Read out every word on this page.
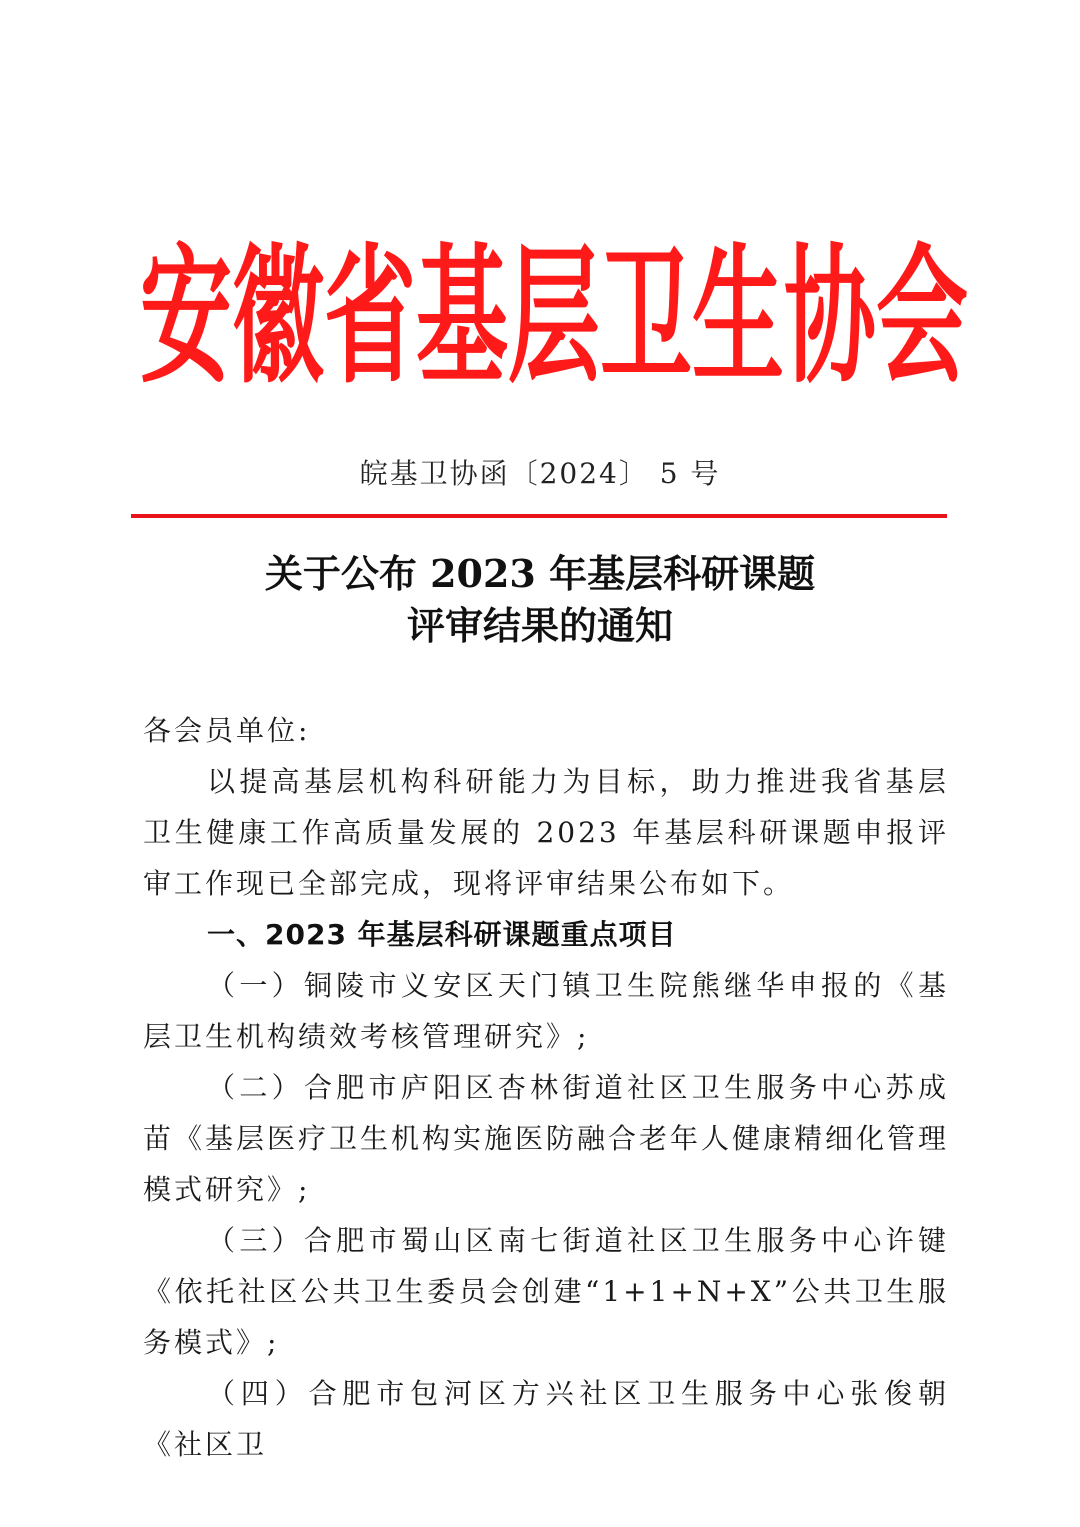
安 徽 省 基 层 卫 生 协 会
皖基卫协函〔2024〕 5 号
关于公布 2023 年基层科研课题
评审结果的通知

各会员单位:

以提高基层机构科研能力为目标，助力推进我省基层卫生健康工作高质量发展的 2023 年基层科研课题申报评审工作现已全部完成，现将评审结果公布如下。

一、2023 年基层科研课题重点项目

（一）铜陵市义安区天门镇卫生院熊继华申报的《基层卫生机构绩效考核管理研究》;

（二）合肥市庐阳区杏林街道社区卫生服务中心苏成苗《基层医疗卫生机构实施医防融合老年人健康精细化管理模式研究》;

（三）合肥市蜀山区南七街道社区卫生服务中心许键《依托社区公共卫生委员会创建“1+1+N+X”公共卫生服务模式》;

（四）合肥市包河区方兴社区卫生服务中心张俊朝《社区卫
